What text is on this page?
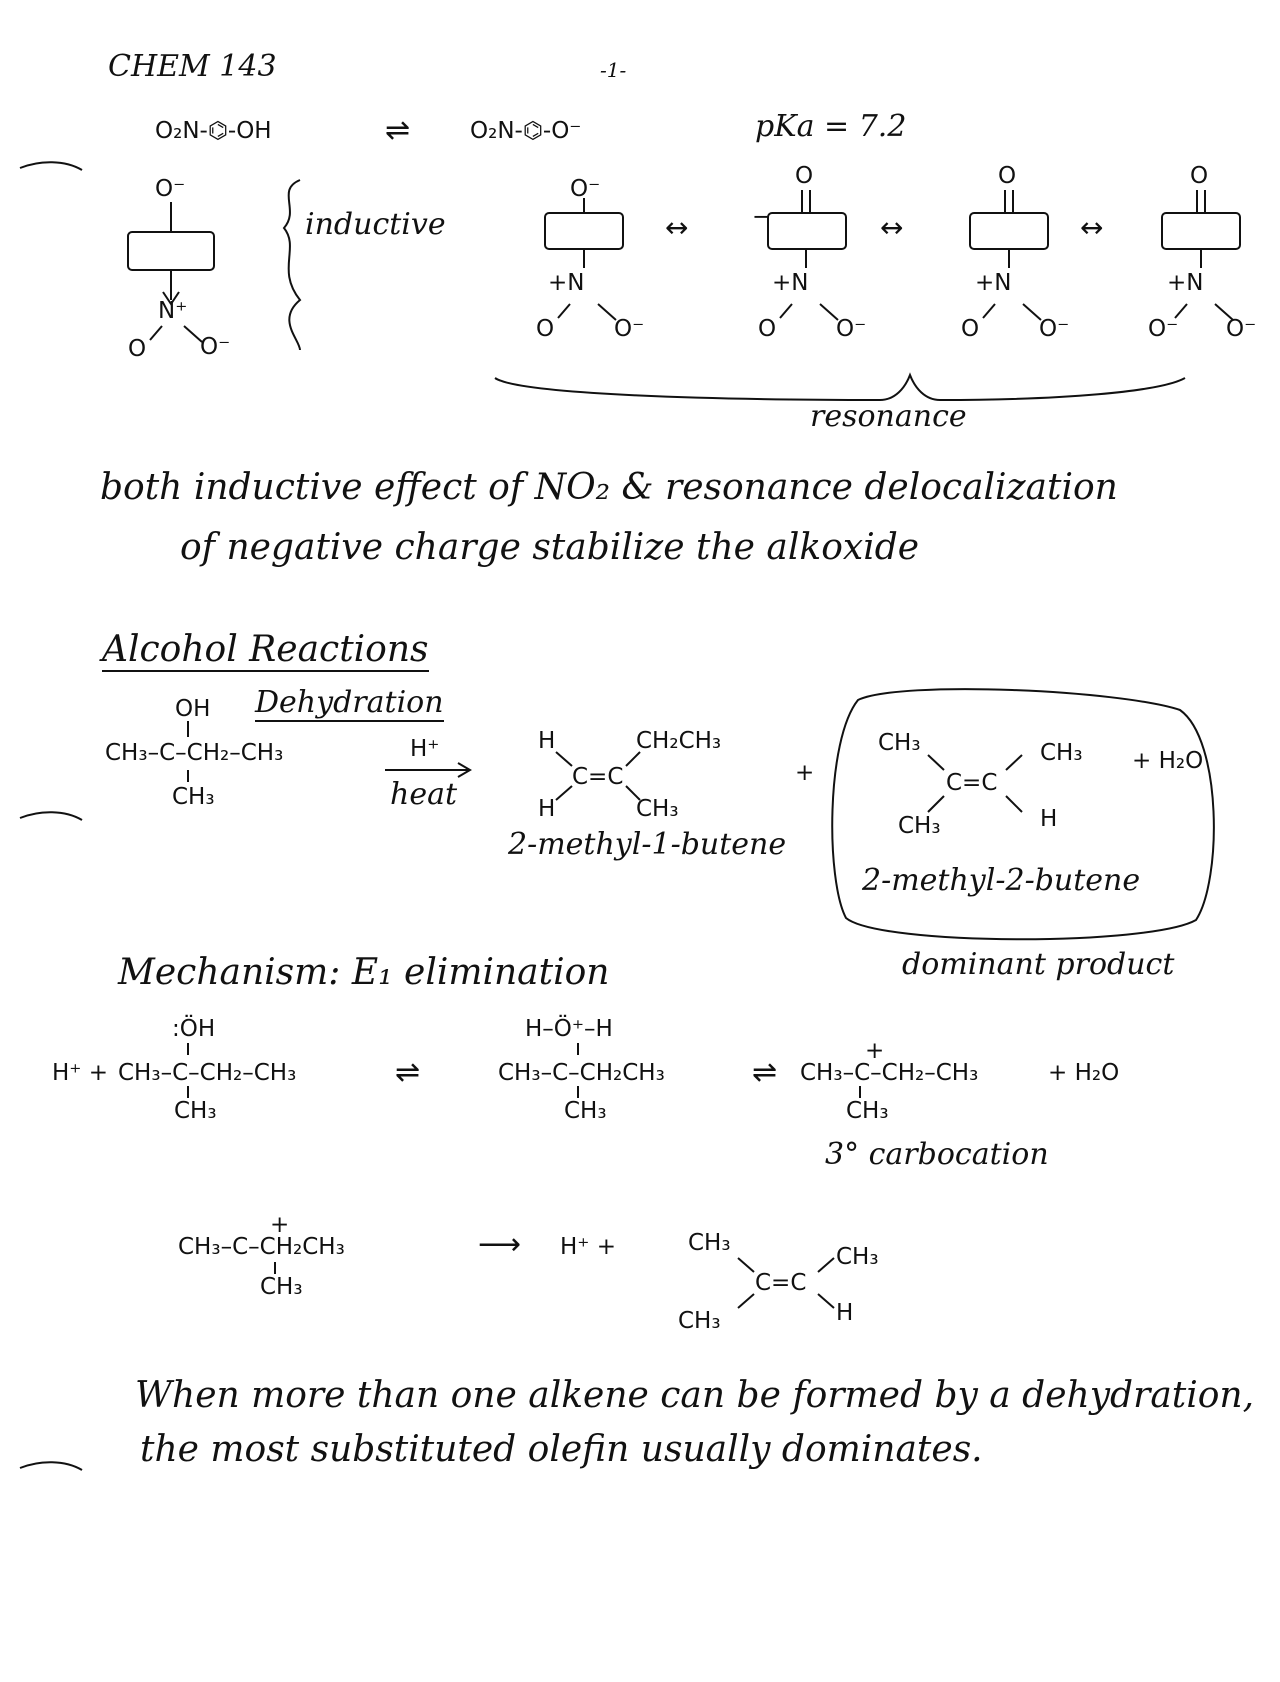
CHEM 143	-1-
O₂N‑⌬‑OH	⇌	O₂N‑⌬‑O⁻	pKa = 7.2
O⁻
N⁺
O O⁻
inductive
O⁻
+N
O	O⁻
↔
O
−
+N
O	O⁻
↔
O
+N
O	O⁻
↔
O
+N
O⁻ O⁻
resonance
both inductive effect of NO₂ & resonance delocalization
of negative charge stabilize the alkoxide
Alcohol Reactions
OH Dehydration
CH₃–C–CH₂–CH₃
CH₃
H⁺
heat
H
H
C=C
CH₂CH₃
CH₃
2-methyl-1-butene
+
CH₃
CH₃
C=C
CH₃
H
2-methyl-2-butene
+ H₂O
dominant product
Mechanism: E₁ elimination
H⁺ +
:ÖH
CH₃–C–CH₂–CH₃
CH₃
⇌
H–Ö⁺–H
CH₃–C–CH₂CH₃
CH₃
⇌
+
CH₃–C–CH₂–CH₃
CH₃
+ H₂O
3° carbocation
+
CH₃–C–CH₂CH₃
CH₃
⟶ H⁺ +	CH₃
CH₃
C=C
CH₃
H
When more than one alkene can be formed by a dehydration,
the most substituted olefin usually dominates.
